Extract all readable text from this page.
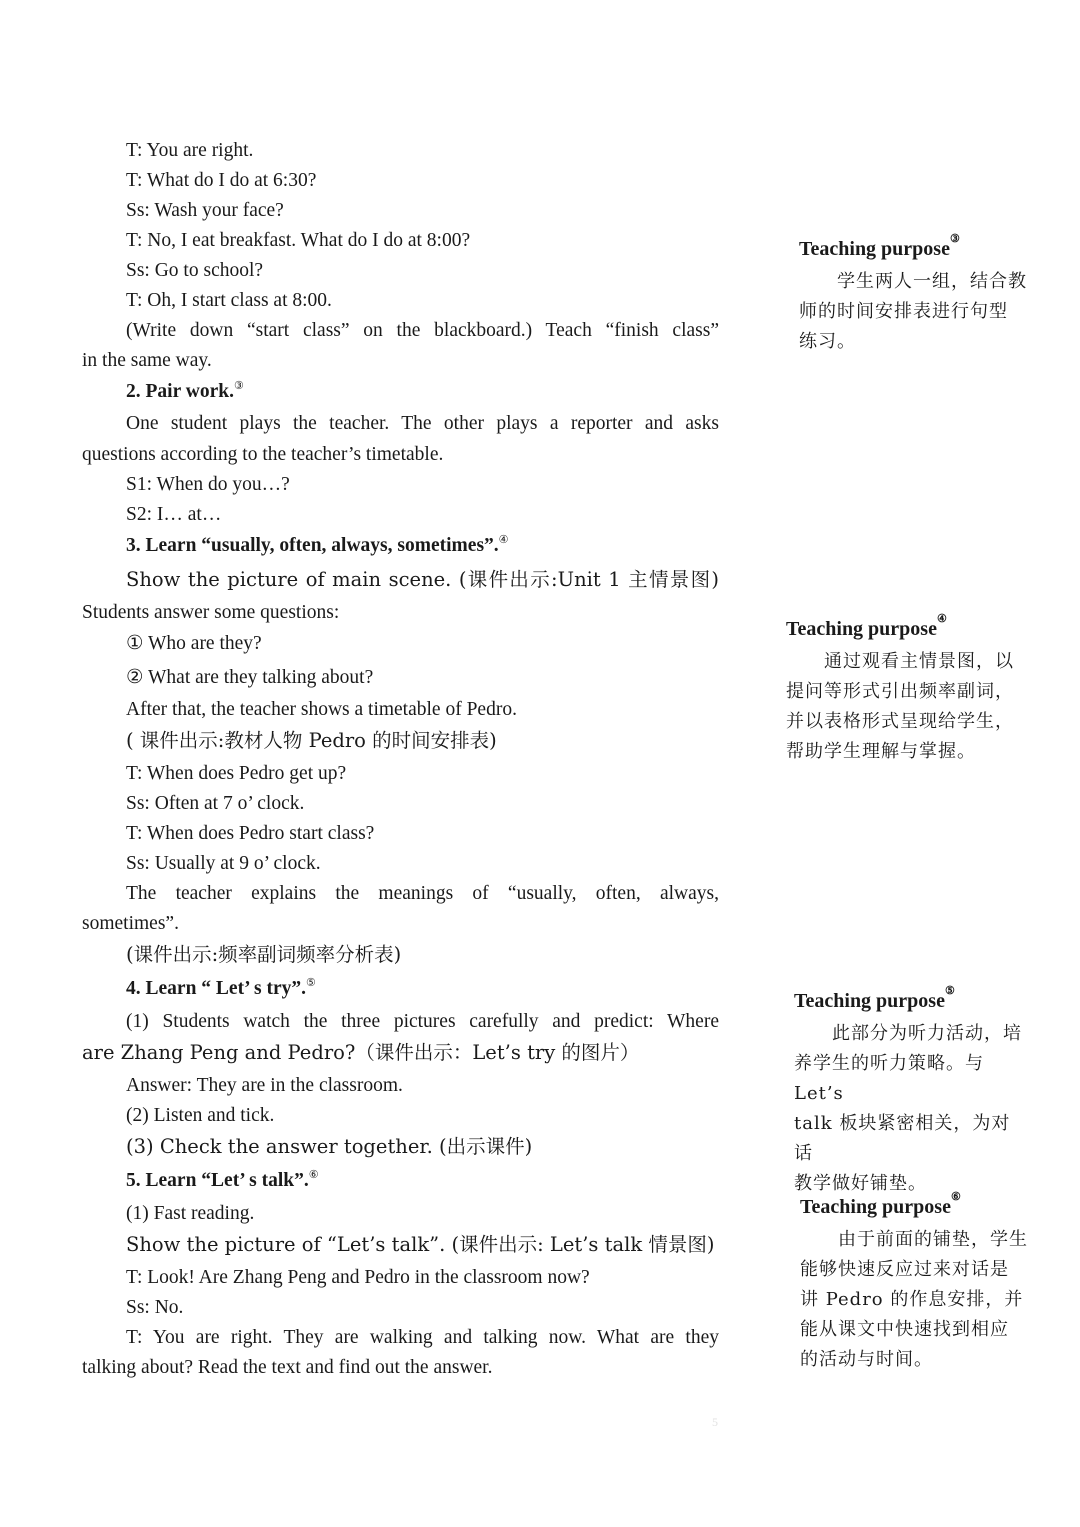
T: You are right.
T: What do I do at 6:30?
Ss: Wash your face?
T: No, I eat breakfast. What do I do at 8:00?
Ss: Go to school?
T: Oh, I start class at 8:00.
(Write down “start class” on the blackboard.) Teach “finish class”
in the same way.
2. Pair work.③
One student plays the teacher. The other plays a reporter and asks
questions according to the teacher’s timetable.
S1: When do you…?
S2: I… at…
3. Learn “usually, often, always, sometimes”.④
Show the picture of main scene. (课件出示:Unit 1 主情景图)
Students answer some questions:
① Who are they?
② What are they talking about?
After that, the teacher shows a timetable of Pedro.
( 课件出示:教材人物 Pedro 的时间安排表)
T: When does Pedro get up?
Ss: Often at 7 o’ clock.
T: When does Pedro start class?
Ss: Usually at 9 o’ clock.
The teacher explains the meanings of “usually, often, always,
sometimes”.
(课件出示:频率副词频率分析表)
4. Learn “ Let’ s try”.⑤
(1) Students watch the three pictures carefully and predict: Where
are Zhang Peng and Pedro?（课件出示：Let’s try 的图片）
Answer: They are in the classroom.
(2) Listen and tick.
(3) Check the answer together. (出示课件)
5. Learn “Let’ s talk”.⑥
(1) Fast reading.
Show the picture of “Let’s talk”. (课件出示: Let’s talk 情景图)
T: Look! Are Zhang Peng and Pedro in the classroom now?
Ss: No.
T: You are right. They are walking and talking now. What are they
talking about? Read the text and find out the answer.
Teaching purpose③
学生两人一组，结合教
师的时间安排表进行句型
练习。
Teaching purpose④
通过观看主情景图，以
提问等形式引出频率副词，
并以表格形式呈现给学生，
帮助学生理解与掌握。
Teaching purpose⑤
此部分为听力活动，培
养学生的听力策略。与 Let’s
talk 板块紧密相关，为对话
教学做好铺垫。
Teaching purpose⑥
由于前面的铺垫，学生
能够快速反应过来对话是
讲 Pedro 的作息安排，并
能从课文中快速找到相应
的活动与时间。
5
